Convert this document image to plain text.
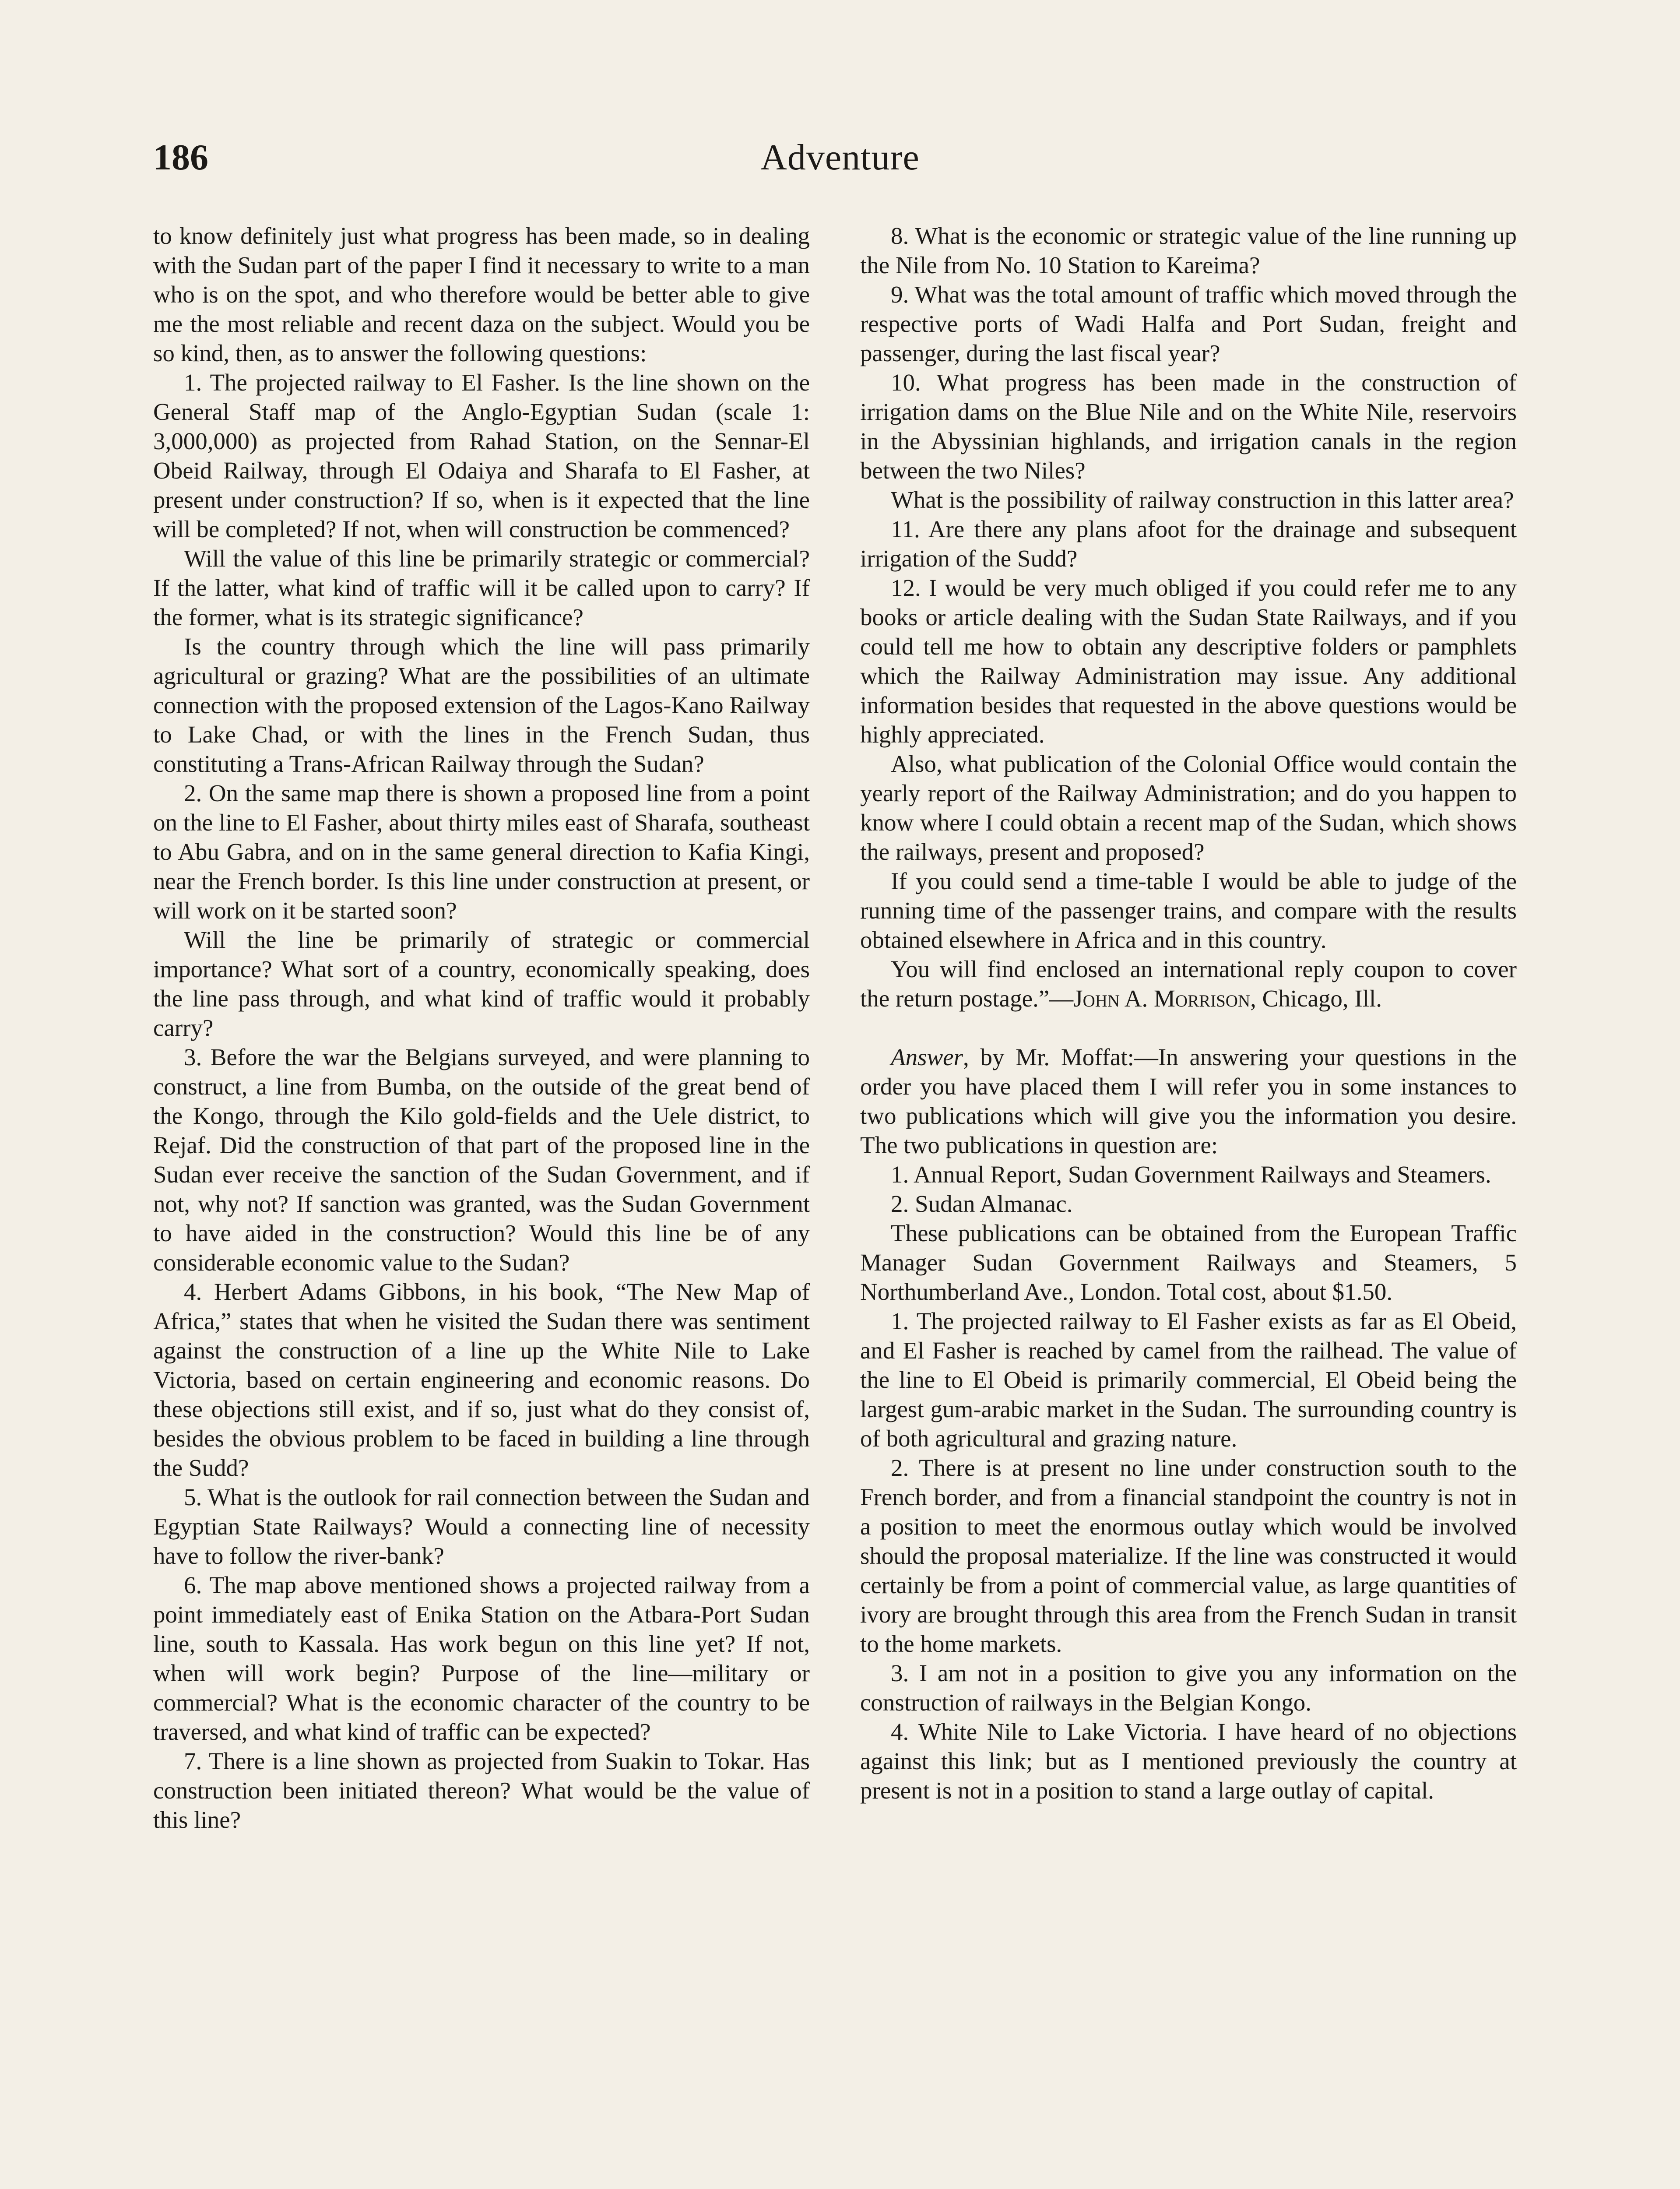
186	Adventure

to know definitely just what progress has been made, so in dealing with the Sudan part of the paper I find it necessary to write to a man who is on the spot, and who therefore would be better able to give me the most reliable and recent daza on the subject. Would you be so kind, then, as to answer the following questions:

1. The projected railway to El Fasher. Is the line shown on the General Staff map of the Anglo-Egyptian Sudan (scale 1: 3,000,000) as projected from Rahad Station, on the Sennar-El Obeid Railway, through El Odaiya and Sharafa to El Fasher, at present under construction? If so, when is it expected that the line will be completed? If not, when will construction be commenced?

Will the value of this line be primarily strategic or commercial? If the latter, what kind of traffic will it be called upon to carry? If the former, what is its strategic significance?

Is the country through which the line will pass primarily agricultural or grazing? What are the possibilities of an ultimate connection with the proposed extension of the Lagos-Kano Railway to Lake Chad, or with the lines in the French Sudan, thus constituting a Trans-African Railway through the Sudan?

2. On the same map there is shown a proposed line from a point on the line to El Fasher, about thirty miles east of Sharafa, southeast to Abu Gabra, and on in the same general direction to Kafia Kingi, near the French border. Is this line under construction at present, or will work on it be started soon?

Will the line be primarily of strategic or commercial importance? What sort of a country, economically speaking, does the line pass through, and what kind of traffic would it probably carry?

3. Before the war the Belgians surveyed, and were planning to construct, a line from Bumba, on the outside of the great bend of the Kongo, through the Kilo gold-fields and the Uele district, to Rejaf. Did the construction of that part of the proposed line in the Sudan ever receive the sanction of the Sudan Government, and if not, why not? If sanction was granted, was the Sudan Government to have aided in the construction? Would this line be of any considerable economic value to the Sudan?

4. Herbert Adams Gibbons, in his book, “The New Map of Africa,” states that when he visited the Sudan there was sentiment against the construction of a line up the White Nile to Lake Victoria, based on certain engineering and economic reasons. Do these objections still exist, and if so, just what do they consist of, besides the obvious problem to be faced in building a line through the Sudd?

5. What is the outlook for rail connection between the Sudan and Egyptian State Railways? Would a connecting line of necessity have to follow the river-bank?

6. The map above mentioned shows a projected railway from a point immediately east of Enika Station on the Atbara-Port Sudan line, south to Kassala. Has work begun on this line yet? If not, when will work begin? Purpose of the line—military or commercial? What is the economic character of the country to be traversed, and what kind of traffic can be expected?

7. There is a line shown as projected from Suakin to Tokar. Has construction been initiated thereon? What would be the value of this line?

8. What is the economic or strategic value of the line running up the Nile from No. 10 Station to Kareima?

9. What was the total amount of traffic which moved through the respective ports of Wadi Halfa and Port Sudan, freight and passenger, during the last fiscal year?

10. What progress has been made in the construction of irrigation dams on the Blue Nile and on the White Nile, reservoirs in the Abyssinian highlands, and irrigation canals in the region between the two Niles?

What is the possibility of railway construction in this latter area?

11. Are there any plans afoot for the drainage and subsequent irrigation of the Sudd?

12. I would be very much obliged if you could refer me to any books or article dealing with the Sudan State Railways, and if you could tell me how to obtain any descriptive folders or pamphlets which the Railway Administration may issue. Any additional information besides that requested in the above questions would be highly appreciated.

Also, what publication of the Colonial Office would contain the yearly report of the Railway Administration; and do you happen to know where I could obtain a recent map of the Sudan, which shows the railways, present and proposed?

If you could send a time-table I would be able to judge of the running time of the passenger trains, and compare with the results obtained elsewhere in Africa and in this country.

You will find enclosed an international reply coupon to cover the return postage.”—John A. Morrison, Chicago, Ill.

Answer, by Mr. Moffat:—In answering your questions in the order you have placed them I will refer you in some instances to two publications which will give you the information you desire. The two publications in question are:

1. Annual Report, Sudan Government Railways and Steamers.

2. Sudan Almanac.

These publications can be obtained from the European Traffic Manager Sudan Government Railways and Steamers, 5 Northumberland Ave., London. Total cost, about $1.50.

1. The projected railway to El Fasher exists as far as El Obeid, and El Fasher is reached by camel from the railhead. The value of the line to El Obeid is primarily commercial, El Obeid being the largest gum-arabic market in the Sudan. The surrounding country is of both agricultural and grazing nature.

2. There is at present no line under construction south to the French border, and from a financial standpoint the country is not in a position to meet the enormous outlay which would be involved should the proposal materialize. If the line was constructed it would certainly be from a point of commercial value, as large quantities of ivory are brought through this area from the French Sudan in transit to the home markets.

3. I am not in a position to give you any information on the construction of railways in the Belgian Kongo.

4. White Nile to Lake Victoria. I have heard of no objections against this link; but as I mentioned previously the country at present is not in a position to stand a large outlay of capital.
